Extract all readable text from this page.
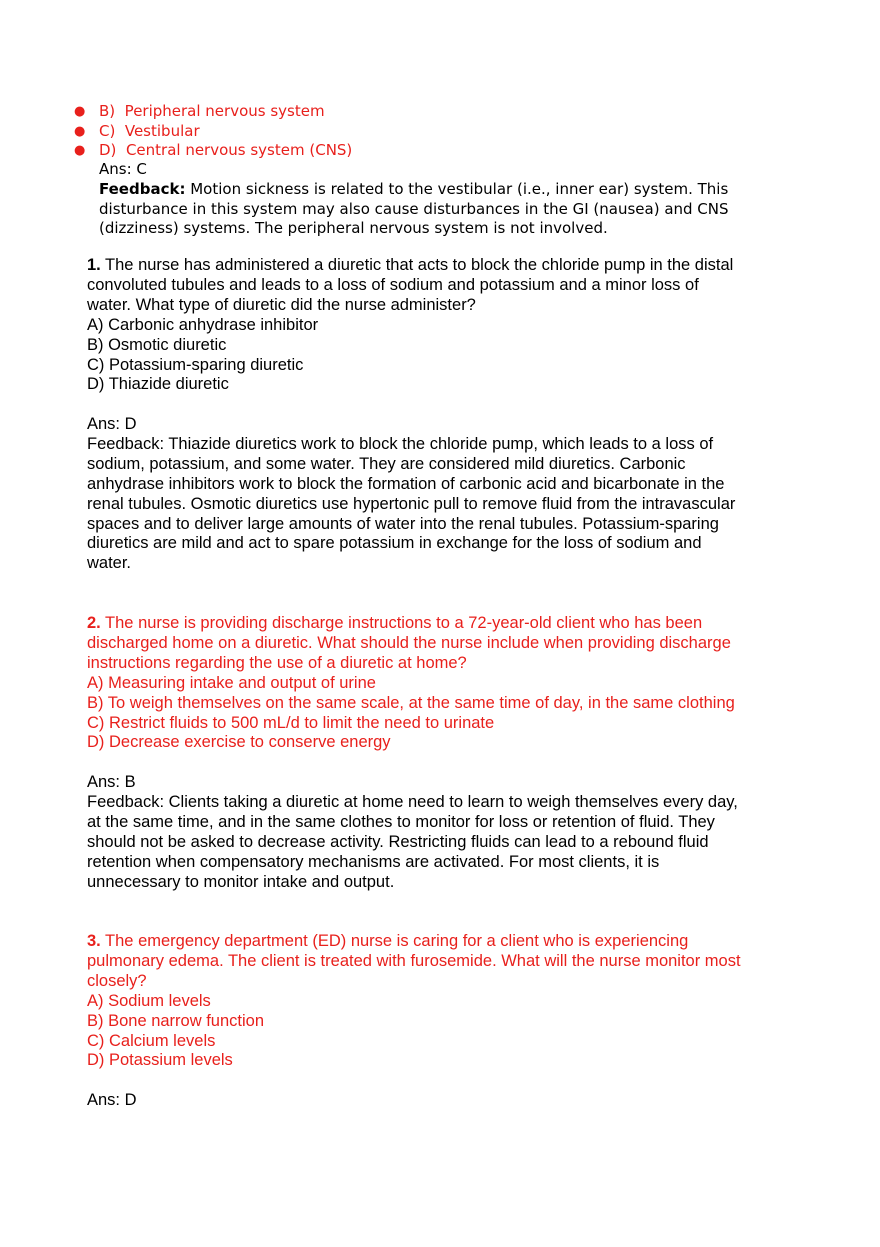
● B)  Peripheral nervous system
● C)  Vestibular
● D)  Central nervous system (CNS)
Ans: C

Feedback: Motion sickness is related to the vestibular (i.e., inner ear) system. This

disturbance in this system may also cause disturbances in the GI (nausea) and CNS

(dizziness) systems. The peripheral nervous system is not involved.

1. The nurse has administered a diuretic that acts to block the chloride pump in the distal

convoluted tubules and leads to a loss of sodium and potassium and a minor loss of

water. What type of diuretic did the nurse administer?

A) Carbonic anhydrase inhibitor

B) Osmotic diuretic

C) Potassium-sparing diuretic

D) Thiazide diuretic

Ans: D

Feedback: Thiazide diuretics work to block the chloride pump, which leads to a loss of

sodium, potassium, and some water. They are considered mild diuretics. Carbonic

anhydrase inhibitors work to block the formation of carbonic acid and bicarbonate in the

renal tubules. Osmotic diuretics use hypertonic pull to remove fluid from the intravascular

spaces and to deliver large amounts of water into the renal tubules. Potassium-sparing

diuretics are mild and act to spare potassium in exchange for the loss of sodium and

water.

2. The nurse is providing discharge instructions to a 72-year-old client who has been

discharged home on a diuretic. What should the nurse include when providing discharge

instructions regarding the use of a diuretic at home?

A) Measuring intake and output of urine

B) To weigh themselves on the same scale, at the same time of day, in the same clothing

C) Restrict fluids to 500 mL/d to limit the need to urinate

D) Decrease exercise to conserve energy

Ans: B

Feedback: Clients taking a diuretic at home need to learn to weigh themselves every day,

at the same time, and in the same clothes to monitor for loss or retention of fluid. They

should not be asked to decrease activity. Restricting fluids can lead to a rebound fluid

retention when compensatory mechanisms are activated. For most clients, it is

unnecessary to monitor intake and output.

3. The emergency department (ED) nurse is caring for a client who is experiencing

pulmonary edema. The client is treated with furosemide. What will the nurse monitor most

closely?

A) Sodium levels

B) Bone narrow function

C) Calcium levels

D) Potassium levels

Ans: D
